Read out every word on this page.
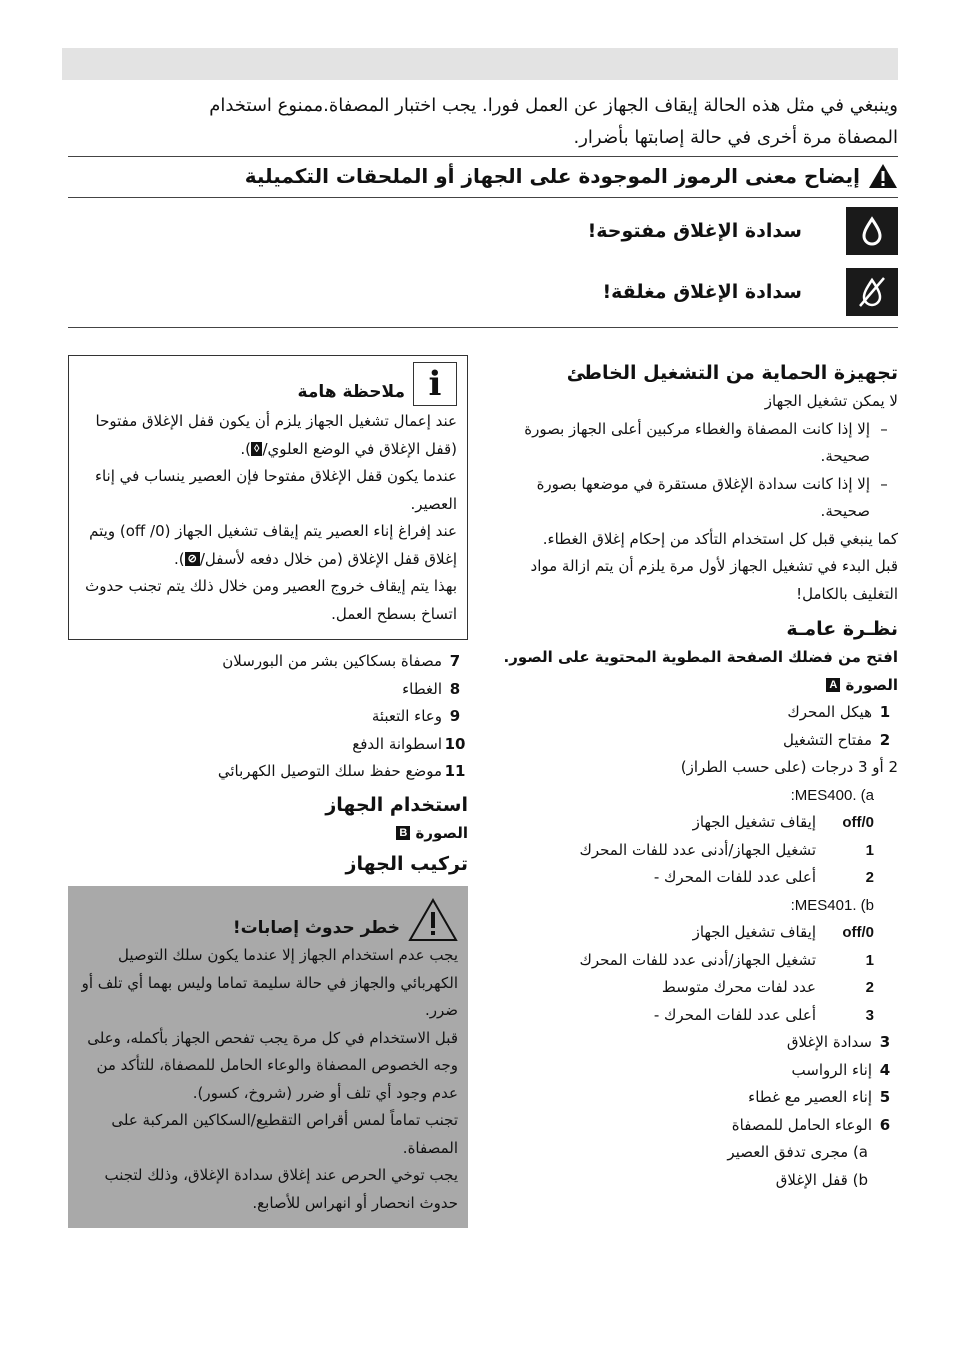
وينبغي في مثل هذه الحالة إيقاف الجهاز عن العمل فورا. يجب اختبار المصفاة.ممنوع استخدام
المصفاة مرة أخرى في حالة إصابتها بأضرار.
إيضاح معنى الرموز الموجودة على الجهاز أو الملحقات التكميلية
سدادة الإغلاق مفتوحة!
سدادة الإغلاق مغلقة!
تجهيزة الحماية من التشغيل الخاطئ
لا يمكن تشغيل الجهاز
–
إلا إذا كانت المصفاة والغطاء مركبين أعلى الجهاز بصورة صحيحة.
–
إلا إذا كانت سدادة الإغلاق مستقرة في موضعها بصورة صحيحة.
كما ينبغي قبل كل استخدام التأكد من إحكام إغلاق الغطاء.
قبل البدء في تشغيل الجهاز لأول مرة يلزم أن يتم ازالة مواد التغليف بالكامل!
نظـرة عامـة
افتح من فضلك الصفحة المطوية المحتوية على الصور.
الصورة A
1
هيكل المحرك
2
مفتاح التشغيل
2 أو 3 درجات (على حسب الطراز)
MES400. (a:
off/0
إيقاف تشغيل الجهاز
1
تشغيل الجهاز/أدنى عدد للفات المحرك
2
أعلى عدد للفات المحرك -
MES401. (b:
off/0
إيقاف تشغيل الجهاز
1
تشغيل الجهاز/أدنى عدد للفات المحرك
2
عدد لفات محرك متوسط
3
أعلى عدد للفات المحرك -
3
سدادة الإغلاق
4
إناء الرواسب
5
إناء العصير مع غطاء
6
الوعاء الحامل للمصفاة
a) مجرى تدفق العصير
b) قفل الإغلاق
i
ملاحظة هامة
عند إعمال تشغيل الجهاز يلزم أن يكون قفل الإغلاق مفتوحا (قفل الإغلاق في الوضع العلوي/◊).
عندما يكون قفل الإغلاق مفتوحا فإن العصير ينساب في إناء العصير.
عند إفراغ إناء العصير يتم إيقاف تشغيل الجهاز (0/ off) ويتم إغلاق قفل الإغلاق (من خلال دفعه لأسفل/⊘).
بهذا يتم إيقاف خروج العصير ومن خلال ذلك يتم تجنب حدوث اتساخ بسطح العمل.
7
مصفاة بسكاكين بشر من البورسلان
8
الغطاء
9
وعاء التعبئة
10
اسطوانة الدفع
11
موضع حفظ سلك التوصيل الكهربائي
استخدام الجهاز
الصورة B
تركيب الجهاز
خطر حدوث إصابات!
يجب عدم استخدام الجهاز إلا عندما يكون سلك التوصيل الكهربائي والجهاز في حالة سليمة تماما وليس بهما أي تلف أو ضرر.
قبل الاستخدام في كل مرة يجب تفحص الجهاز بأكمله، وعلى وجه الخصوص المصفاة والوعاء الحامل للمصفاة، للتأكد من عدم وجود أي تلف أو ضرر (شروخ، كسور).
تجنب تماماً لمس أقراص التقطيع/السكاكين المركبة على المصفاة.
يجب توخي الحرص عند إغلاق سدادة الإغلاق، وذلك لتجنب حدوث انحصار أو انهراس للأصابع.
